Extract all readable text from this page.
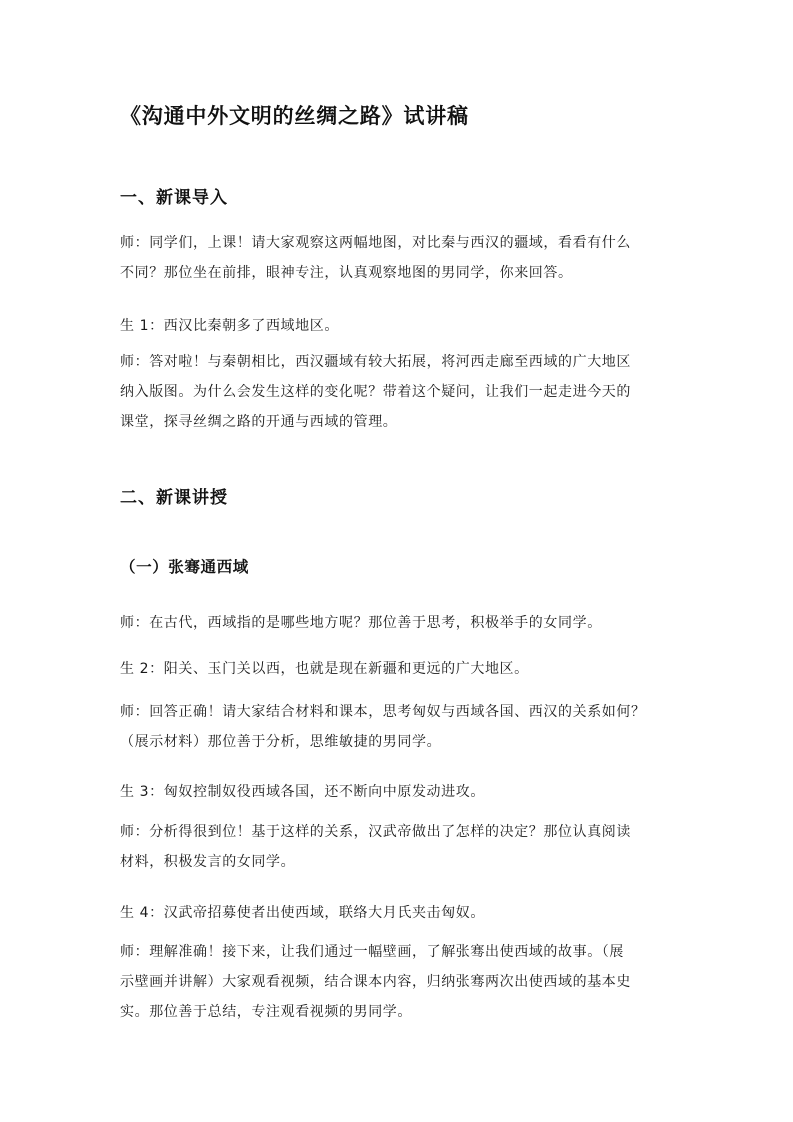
《沟通中外文明的丝绸之路》试讲稿
一、新课导入
师：同学们，上课！请大家观察这两幅地图，对比秦与西汉的疆域，看看有什么
不同？那位坐在前排，眼神专注，认真观察地图的男同学，你来回答。
生 1：西汉比秦朝多了西域地区。
师：答对啦！与秦朝相比，西汉疆域有较大拓展，将河西走廊至西域的广大地区
纳入版图。为什么会发生这样的变化呢？带着这个疑问，让我们一起走进今天的
课堂，探寻丝绸之路的开通与西域的管理。
二、新课讲授
（一）张骞通西域
师：在古代，西域指的是哪些地方呢？那位善于思考，积极举手的女同学。
生 2：阳关、玉门关以西，也就是现在新疆和更远的广大地区。
师：回答正确！请大家结合材料和课本，思考匈奴与西域各国、西汉的关系如何？
（展示材料）那位善于分析，思维敏捷的男同学。
生 3：匈奴控制奴役西域各国，还不断向中原发动进攻。
师：分析得很到位！基于这样的关系，汉武帝做出了怎样的决定？那位认真阅读
材料，积极发言的女同学。
生 4：汉武帝招募使者出使西域，联络大月氏夹击匈奴。
师：理解准确！接下来，让我们通过一幅壁画，了解张骞出使西域的故事。（展
示壁画并讲解）大家观看视频，结合课本内容，归纳张骞两次出使西域的基本史
实。那位善于总结，专注观看视频的男同学。
